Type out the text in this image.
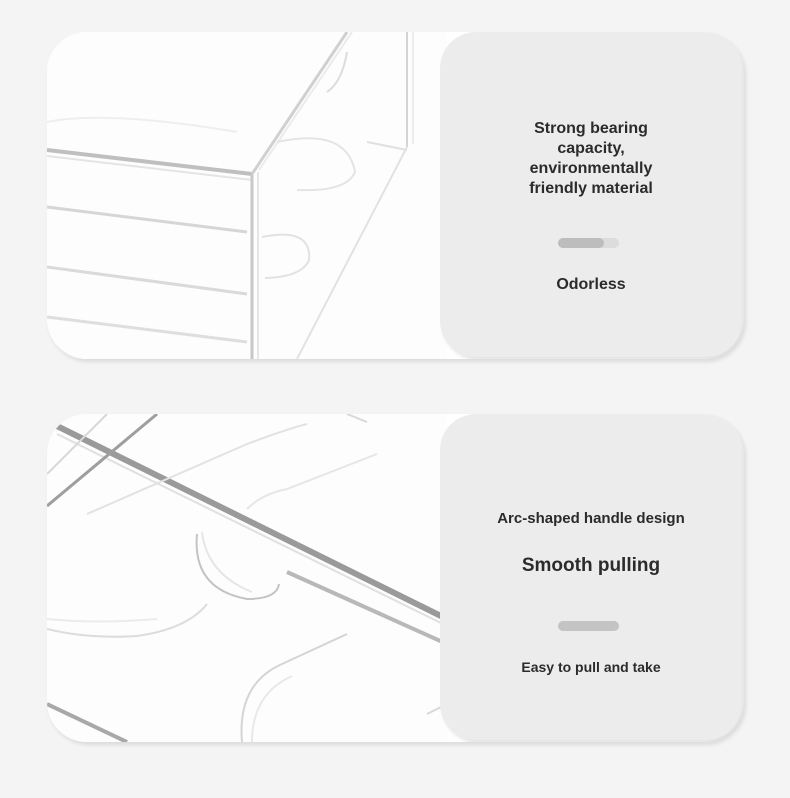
Strong bearing
capacity,
environmentally
friendly material
Odorless
Arc-shaped handle design
Smooth pulling
Easy to pull and take
